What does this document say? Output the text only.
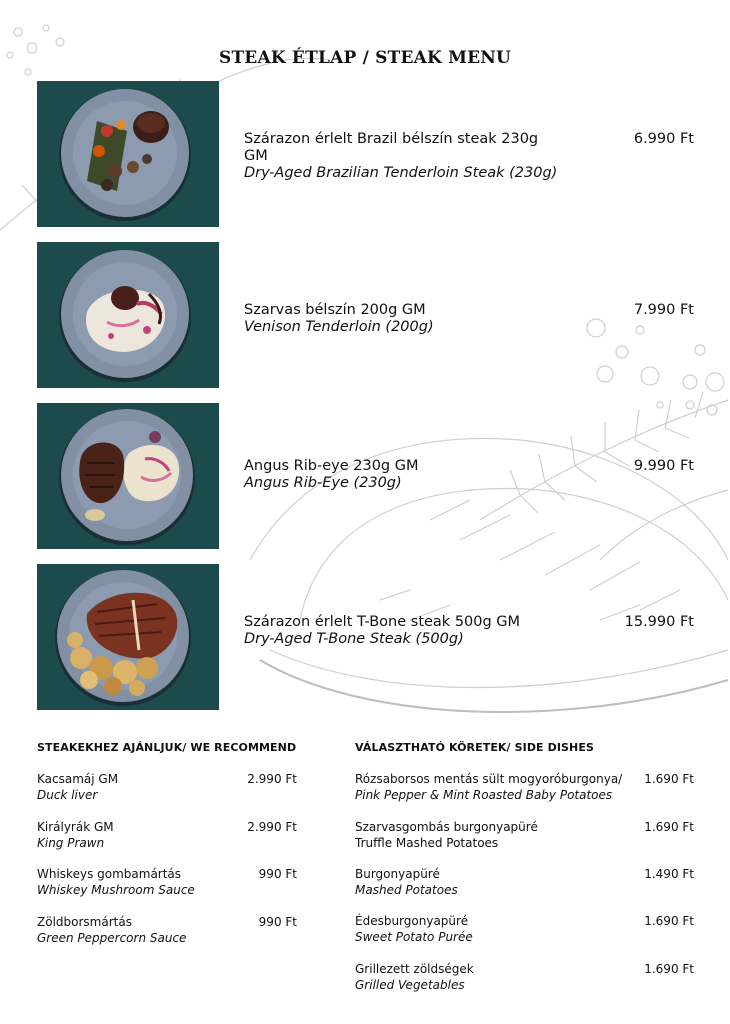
STEAK ÉTLAP / STEAK MENU
Szárazon érlelt Brazil bélszín steak 230g GM
Dry-Aged Brazilian Tenderloin Steak (230g)
6.990 Ft
Szarvas bélszín 200g GM
Venison Tenderloin (200g)
7.990 Ft
Angus Rib-eye 230g GM
Angus Rib-Eye (230g)
9.990 Ft
Szárazon érlelt T-Bone steak 500g GM
Dry-Aged T-Bone Steak (500g)
15.990 Ft
STEAKEKHEZ AJÁNLJUK/ WE RECOMMEND
Kacsamáj GM
Duck liver
2.990 Ft
Királyrák GM
King Prawn
2.990 Ft
Whiskeys gombamártás
Whiskey Mushroom Sauce
990 Ft
Zöldborsmártás
Green Peppercorn Sauce
990 Ft
VÁLASZTHATÓ KÖRETEK/ SIDE DISHES
Rózsaborsos mentás sült mogyoróburgonya/
Pink Pepper & Mint Roasted Baby Potatoes
1.690 Ft
Szarvasgombás burgonyapüré
Truffle Mashed Potatoes
1.690 Ft
Burgonyapüré
Mashed Potatoes
1.490 Ft
Édesburgonyapüré
Sweet Potato Purée
1.690 Ft
Grillezett zöldségek
Grilled Vegetables
1.690 Ft
